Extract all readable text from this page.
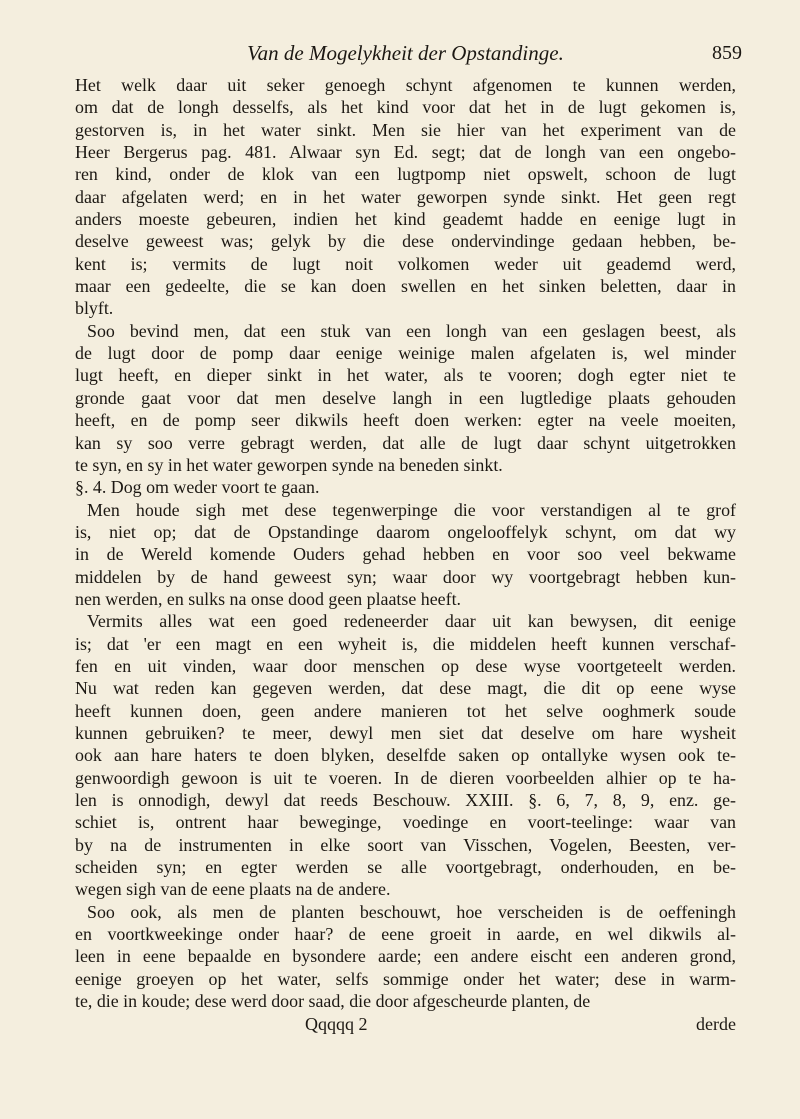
Van de Mogelykheit der Opstandinge.	859
Het welk daar uit seker genoegh schynt afgenomen te kunnen werden,
om dat de longh desselfs, als het kind voor dat het in de lugt gekomen is,
gestorven is, in het water sinkt. Men sie hier van het experiment van de
Heer Bergerus pag. 481. Alwaar syn Ed. segt; dat de longh van een ongebo-
ren kind, onder de klok van een lugtpomp niet opswelt, schoon de lugt
daar afgelaten werd; en in het water geworpen synde sinkt. Het geen regt
anders moeste gebeuren, indien het kind geademt hadde en eenige lugt in
deselve geweest was; gelyk by die dese ondervindinge gedaan hebben, be-
kent is; vermits de lugt noit volkomen weder uit geademd werd,
maar een gedeelte, die se kan doen swellen en het sinken beletten, daar in
blyft.
Soo bevind men, dat een stuk van een longh van een geslagen beest, als
de lugt door de pomp daar eenige weinige malen afgelaten is, wel minder
lugt heeft, en dieper sinkt in het water, als te vooren; dogh egter niet te
gronde gaat voor dat men deselve langh in een lugtledige plaats gehouden
heeft, en de pomp seer dikwils heeft doen werken: egter na veele moeiten,
kan sy soo verre gebragt werden, dat alle de lugt daar schynt uitgetrokken
te syn, en sy in het water geworpen synde na beneden sinkt.
§. 4. Dog om weder voort te gaan.
Men houde sigh met dese tegenwerpinge die voor verstandigen al te grof
is, niet op; dat de Opstandinge daarom ongelooffelyk schynt, om dat wy
in de Wereld komende Ouders gehad hebben en voor soo veel bekwame
middelen by de hand geweest syn; waar door wy voortgebragt hebben kun-
nen werden, en sulks na onse dood geen plaatse heeft.
Vermits alles wat een goed redeneerder daar uit kan bewysen, dit eenige
is; dat 'er een magt en een wyheit is, die middelen heeft kunnen verschaf-
fen en uit vinden, waar door menschen op dese wyse voortgeteelt werden.
Nu wat reden kan gegeven werden, dat dese magt, die dit op eene wyse
heeft kunnen doen, geen andere manieren tot het selve ooghmerk soude
kunnen gebruiken? te meer, dewyl men siet dat deselve om hare wysheit
ook aan hare haters te doen blyken, deselfde saken op ontallyke wysen ook te-
genwoordigh gewoon is uit te voeren. In de dieren voorbeelden alhier op te ha-
len is onnodigh, dewyl dat reeds Beschouw. XXIII. §. 6, 7, 8, 9, enz. ge-
schiet is, ontrent haar beweginge, voedinge en voort-teelinge: waar van
by na de instrumenten in elke soort van Visschen, Vogelen, Beesten, ver-
scheiden syn; en egter werden se alle voortgebragt, onderhouden, en be-
wegen sigh van de eene plaats na de andere.
Soo ook, als men de planten beschouwt, hoe verscheiden is de oeffeningh
en voortkweekinge onder haar? de eene groeit in aarde, en wel dikwils al-
leen in eene bepaalde en bysondere aarde; een andere eischt een anderen grond,
eenige groeyen op het water, selfs sommige onder het water; dese in warm-
te, die in koude; dese werd door saad, die door afgescheurde planten, de
Qqqqq 2	derde
